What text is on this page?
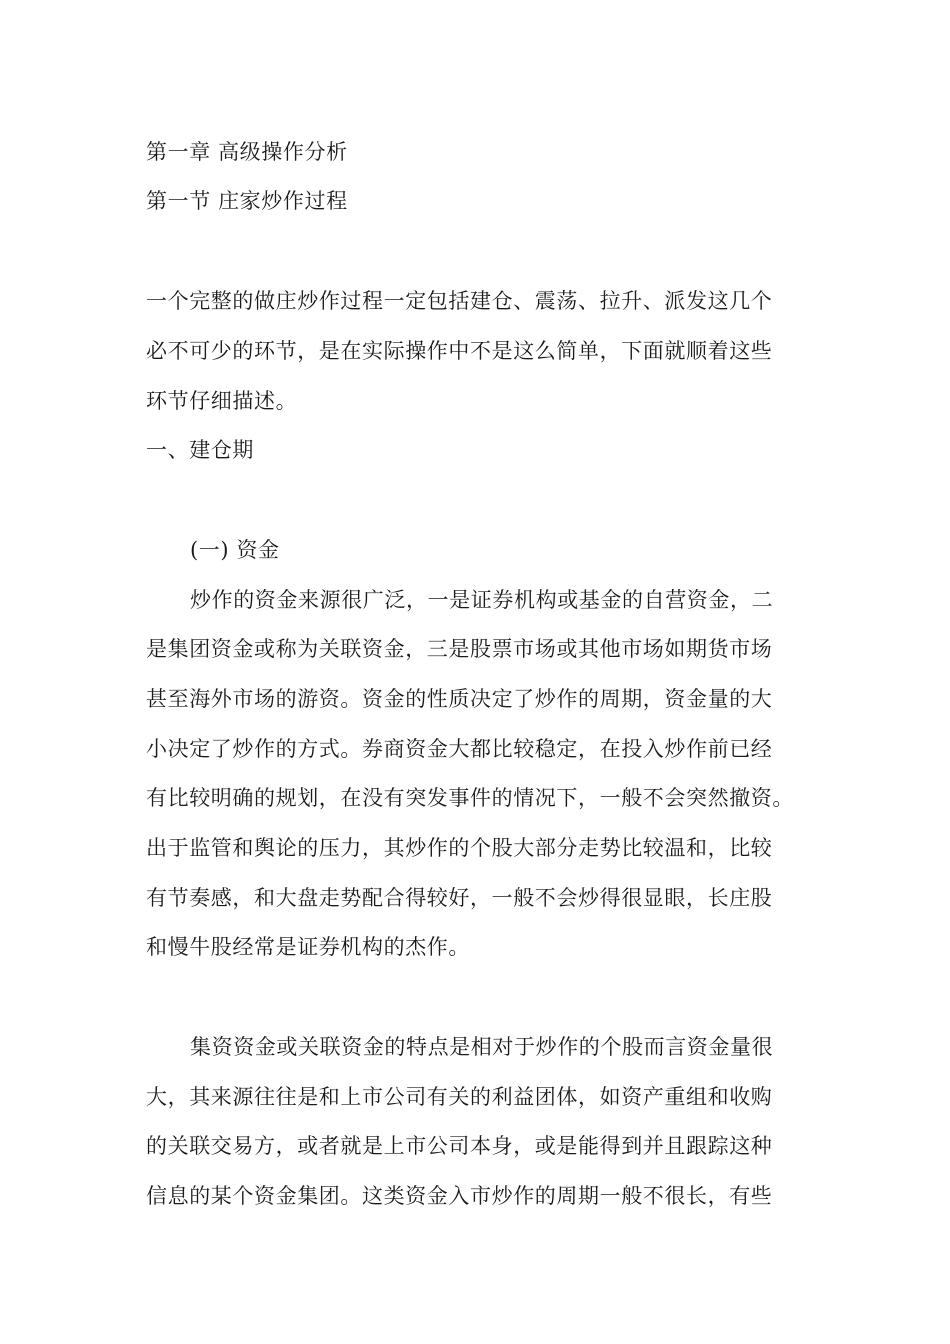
第一章 高级操作分析

第一节 庄家炒作过程

一个完整的做庄炒作过程一定包括建仓、震荡、拉升、派发这几个

必不可少的环节，是在实际操作中不是这么简单，下面就顺着这些

环节仔细描述。

一、建仓期

(一) 资金

炒作的资金来源很广泛，一是证券机构或基金的自营资金，二

是集团资金或称为关联资金，三是股票市场或其他市场如期货市场

甚至海外市场的游资。资金的性质决定了炒作的周期，资金量的大

小决定了炒作的方式。券商资金大都比较稳定，在投入炒作前已经

有比较明确的规划，在没有突发事件的情况下，一般不会突然撤资。

出于监管和舆论的压力，其炒作的个股大部分走势比较温和，比较

有节奏感，和大盘走势配合得较好，一般不会炒得很显眼，长庄股

和慢牛股经常是证券机构的杰作。

集资资金或关联资金的特点是相对于炒作的个股而言资金量很

大，其来源往往是和上市公司有关的利益团体，如资产重组和收购

的关联交易方，或者就是上市公司本身，或是能得到并且跟踪这种

信息的某个资金集团。这类资金入市炒作的周期一般不很长，有些
